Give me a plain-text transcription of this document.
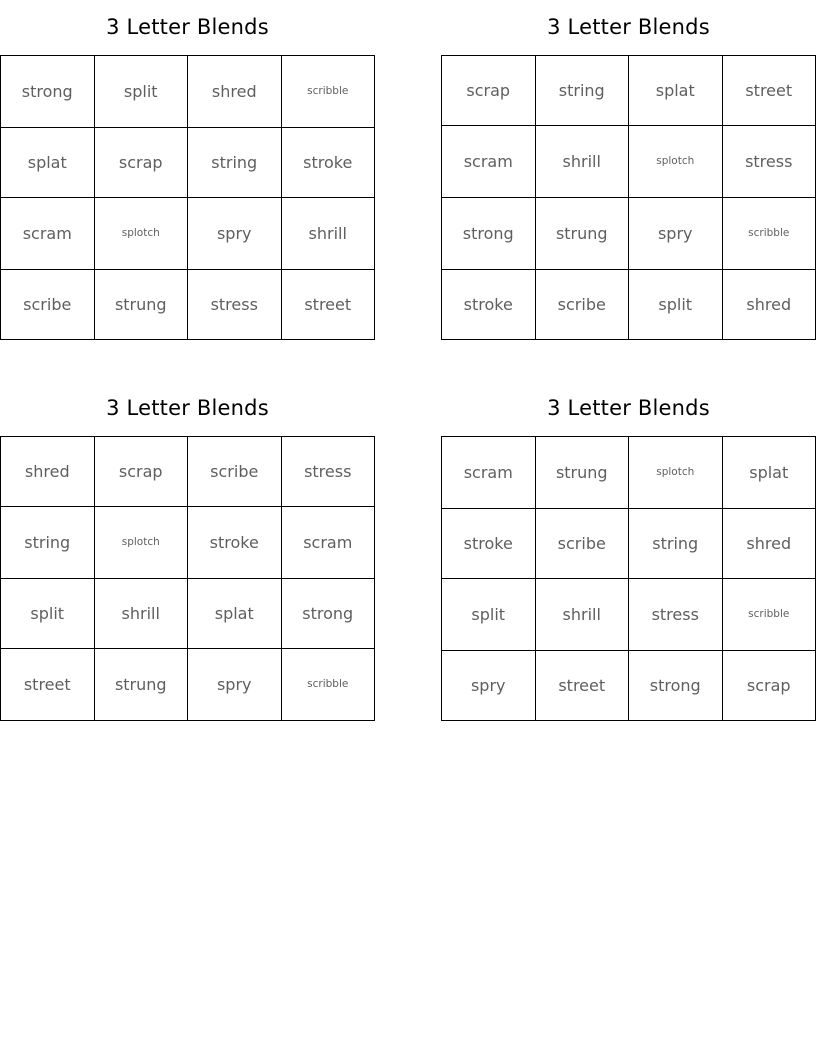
3 Letter Blends
strong	split	shred	scribble
splat	scrap	string	stroke
scram	splotch	spry	shrill
scribe	strung	stress	street
3 Letter Blends
scrap	string	splat	street
scram	shrill	splotch	stress
strong	strung	spry	scribble
stroke	scribe	split	shred
3 Letter Blends
shred	scrap	scribe	stress
string	splotch	stroke	scram
split	shrill	splat	strong
street	strung	spry	scribble
3 Letter Blends
scram	strung	splotch	splat
stroke	scribe	string	shred
split	shrill	stress	scribble
spry	street	strong	scrap
